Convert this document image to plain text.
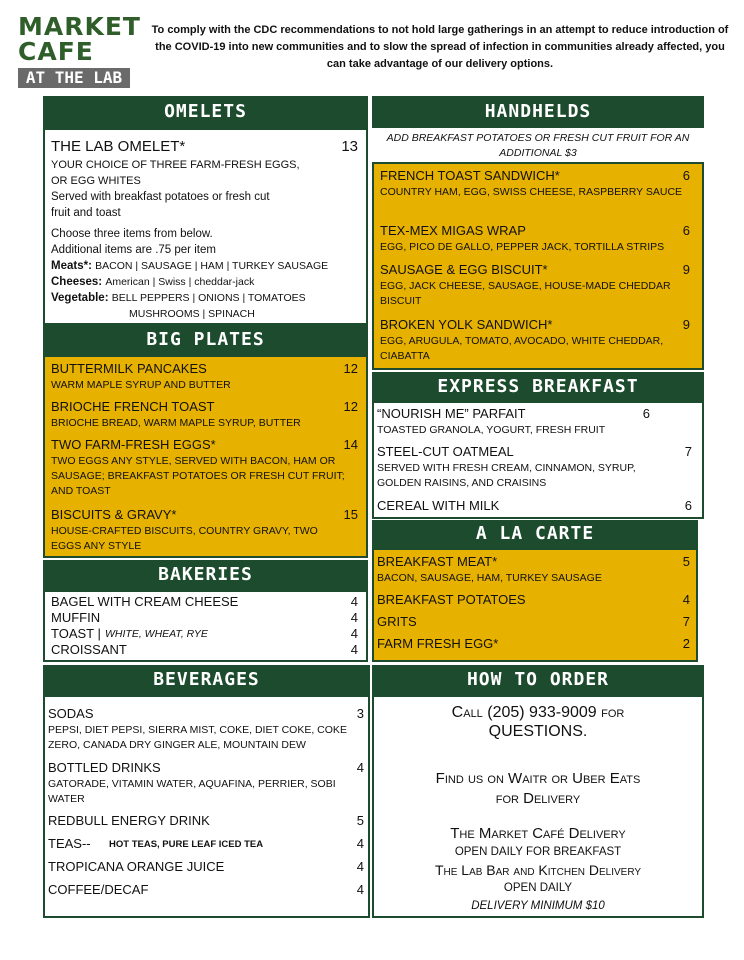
MARKET
CAFE
AT THE LAB
To comply with the CDC recommendations to not hold large gatherings in an attempt to reduce introduction of the COVID-19 into new communities and to slow the spread of infection in communities already affected, you can take advantage of our delivery options.
OMELETS
THE LAB OMELET*	13
YOUR CHOICE OF THREE FARM-FRESH EGGS,
OR EGG WHITES
Served with breakfast potatoes or fresh cut
fruit and toast
Choose three items from below.
Additional items are .75 per item
Meats*: BACON | SAUSAGE | HAM | TURKEY SAUSAGE
Cheeses: American | Swiss | cheddar-jack
Vegetable: BELL PEPPERS | ONIONS | TOMATOES
MUSHROOMS | SPINACH
HANDHELDS
ADD BREAKFAST POTATOES OR FRESH CUT FRUIT FOR AN ADDITIONAL $3
FRENCH TOAST SANDWICH*	6
COUNTRY HAM, EGG, SWISS CHEESE, RASPBERRY SAUCE
TEX-MEX MIGAS WRAP	6
EGG, PICO DE GALLO, PEPPER JACK, TORTILLA STRIPS
SAUSAGE & EGG BISCUIT*	9
EGG, JACK CHEESE, SAUSAGE, HOUSE-MADE CHEDDAR BISCUIT
BROKEN YOLK SANDWICH*	9
EGG, ARUGULA, TOMATO, AVOCADO, WHITE CHEDDAR, CIABATTA
BIG PLATES
BUTTERMILK PANCAKES	12
WARM MAPLE SYRUP AND BUTTER
BRIOCHE FRENCH TOAST	12
BRIOCHE BREAD, WARM MAPLE SYRUP, BUTTER
TWO FARM-FRESH EGGS*	14
TWO EGGS ANY STYLE, SERVED WITH BACON, HAM OR SAUSAGE; BREAKFAST POTATOES OR FRESH CUT FRUIT; AND TOAST
BISCUITS & GRAVY*	15
HOUSE-CRAFTED BISCUITS, COUNTRY GRAVY, TWO EGGS ANY STYLE
EXPRESS BREAKFAST
“NOURISH ME” PARFAIT	6
TOASTED GRANOLA, YOGURT, FRESH FRUIT
STEEL-CUT OATMEAL	7
SERVED WITH FRESH CREAM, CINNAMON, SYRUP, GOLDEN RAISINS, AND CRAISINS
CEREAL WITH MILK	6
BAKERIES
BAGEL WITH CREAM CHEESE	4
MUFFIN	4
TOAST | WHITE, WHEAT, RYE	4
CROISSANT	4
A LA CARTE
BREAKFAST MEAT*	5
BACON, SAUSAGE, HAM, TURKEY SAUSAGE
BREAKFAST POTATOES	4
GRITS	7
FARM FRESH EGG*	2
BEVERAGES
SODAS	3
PEPSI, DIET PEPSI, SIERRA MIST, COKE, DIET COKE, COKE ZERO, CANADA DRY GINGER ALE, MOUNTAIN DEW
BOTTLED DRINKS	4
GATORADE, VITAMIN WATER, AQUAFINA, PERRIER, SOBI WATER
REDBULL ENERGY DRINK	5
TEAS-- HOT TEAS, PURE LEAF ICED TEA	4
TROPICANA ORANGE JUICE	4
COFFEE/DECAF	4
HOW TO ORDER
Call (205) 933-9009 for
QUESTIONS.
Find us on Waitr or Uber Eats
for Delivery
The Market Café Delivery
OPEN DAILY FOR BREAKFAST
The Lab Bar and Kitchen Delivery
OPEN DAILY
DELIVERY MINIMUM $10
